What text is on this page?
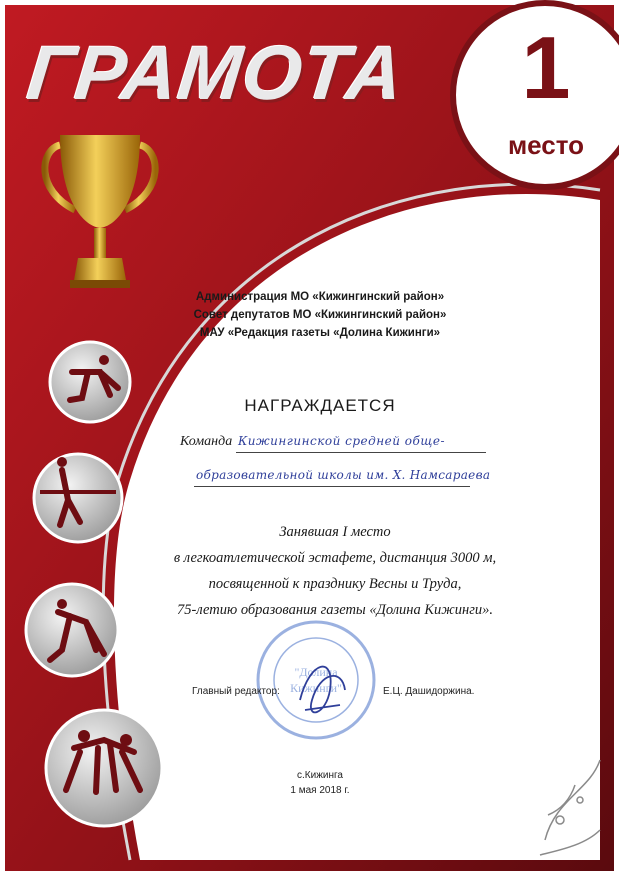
"Долина
Кижинги"
ГРАМОТА 1
место
Администрация МО «Кижингинский район»
Совет депутатов МО «Кижингинский район»
МАУ «Редакция газеты «Долина Кижинги»
НАГРАЖДАЕТСЯ
Команда Кижингинской средней обще-
образовательной школы им. Х. Намсараева
Занявшая I место
в легкоатлетической эстафете, дистанция 3000 м,
посвященной к празднику Весны и Труда,
75-летию образования газеты «Долина Кижинги».
Главный редактор:	Е.Ц. Дашидоржина.
с.Кижинга
1 мая 2018 г.
